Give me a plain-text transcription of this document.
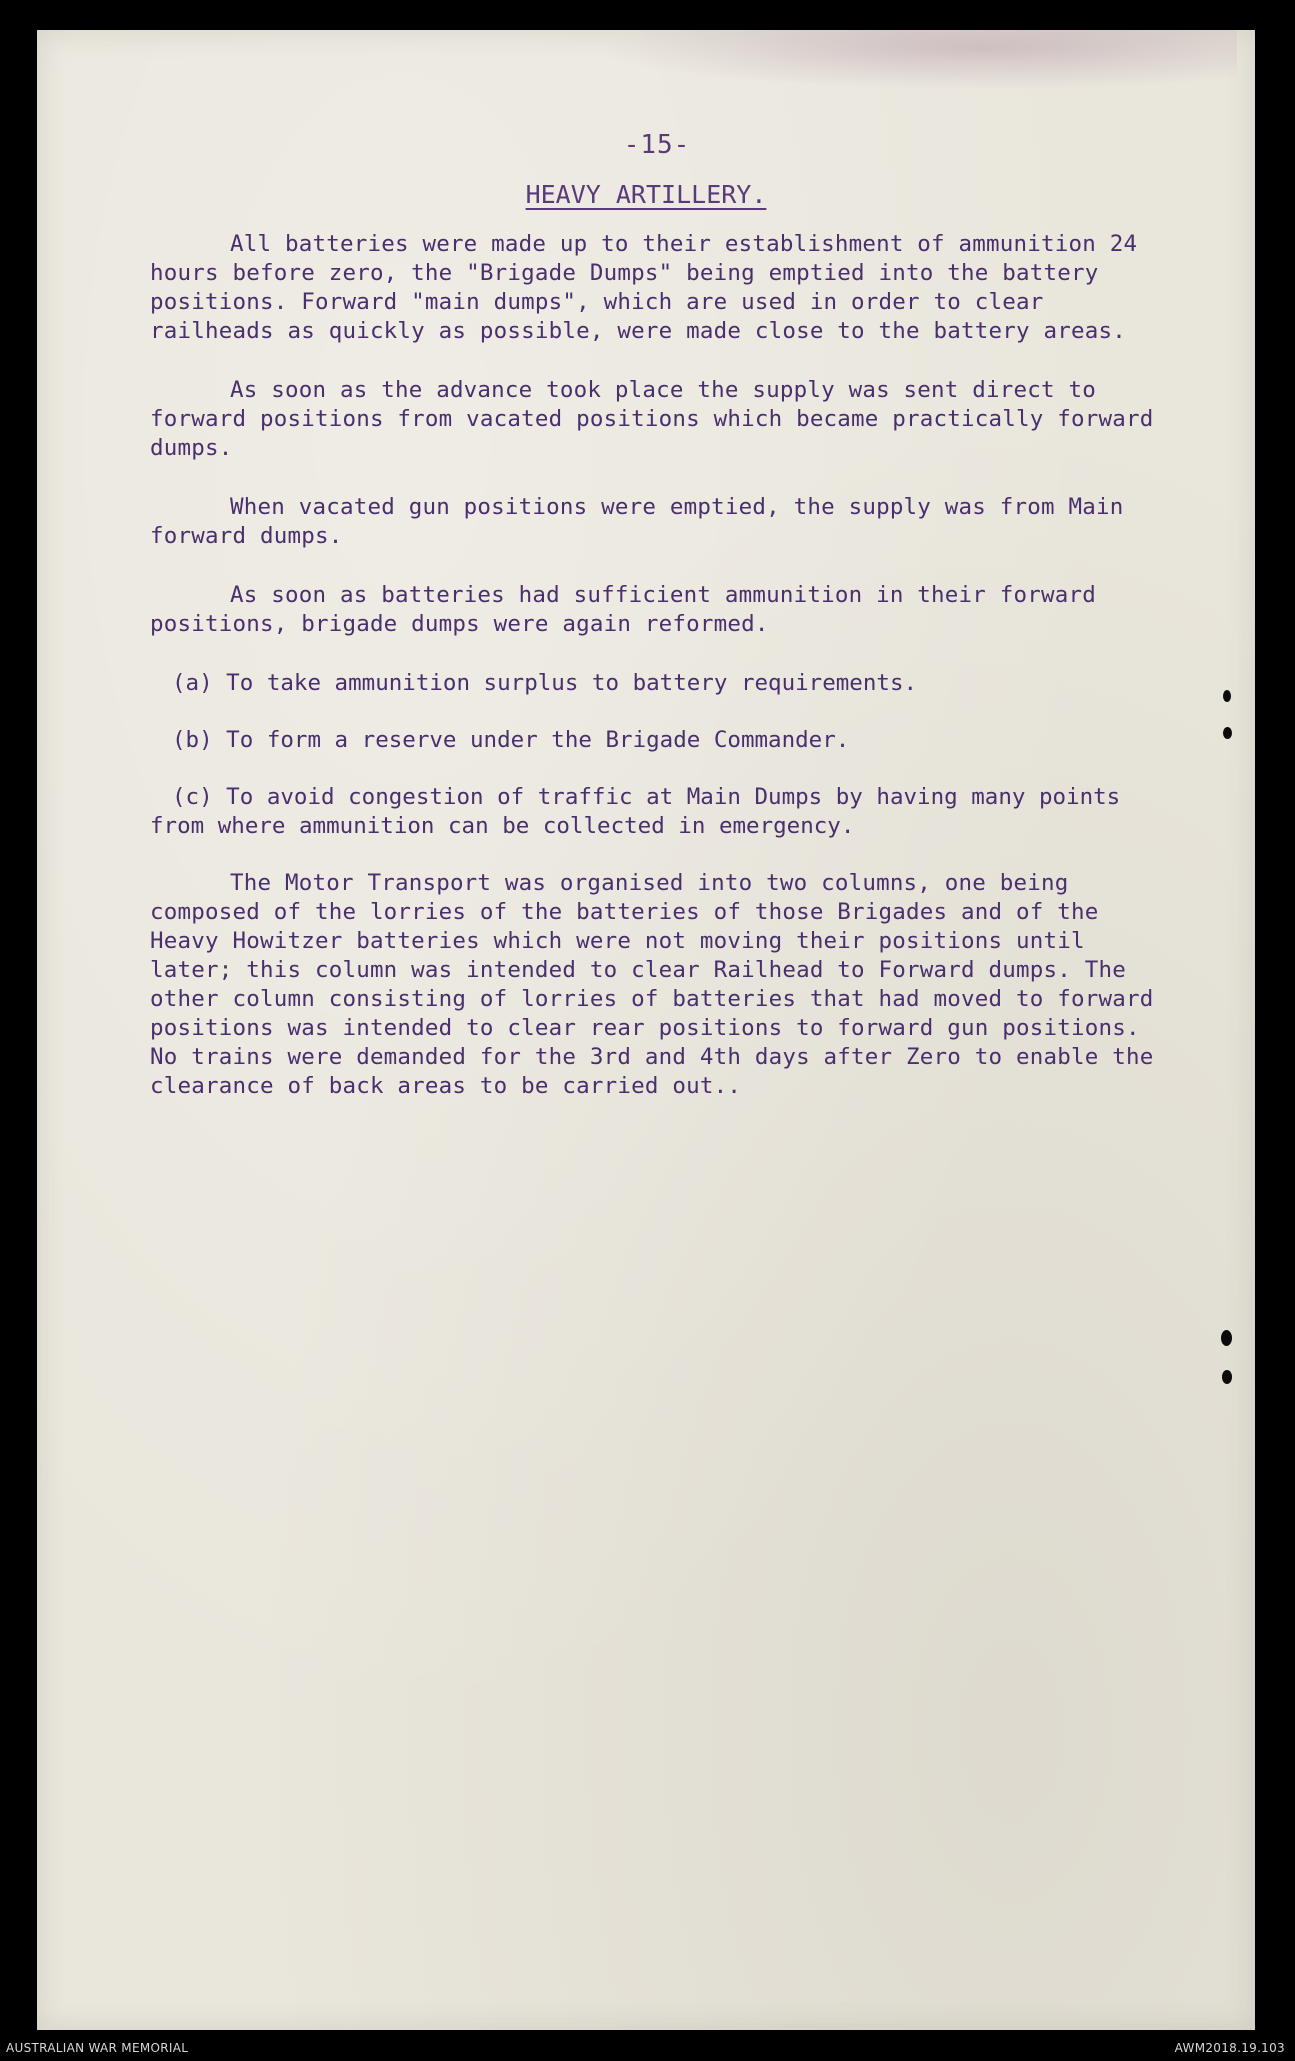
-15-
HEAVY ARTILLERY.

All batteries were made up to their establishment of ammunition 24 hours before zero, the "Brigade Dumps" being emptied into the battery positions. Forward "main dumps", which are used in order to clear railheads as quickly as possible, were made close to the battery areas.

As soon as the advance took place the supply was sent direct to forward positions from vacated positions which became practically forward dumps.

When vacated gun positions were emptied, the supply was from Main forward dumps.

As soon as batteries had sufficient ammunition in their forward positions, brigade dumps were again reformed.

(a) To take ammunition surplus to battery requirements.

(b) To form a reserve under the Brigade Commander.

(c) To avoid congestion of traffic at Main Dumps by having many points from where ammunition can be collected in emergency.

The Motor Transport was organised into two columns, one being composed of the lorries of the batteries of those Brigades and of the Heavy Howitzer batteries which were not moving their positions until later; this column was intended to clear Railhead to Forward dumps. The other column consisting of lorries of batteries that had moved to forward positions was intended to clear rear positions to forward gun positions. No trains were demanded for the 3rd and 4th days after Zero to enable the clearance of back areas to be carried out..

AUSTRALIAN WAR MEMORIAL	AWM2018.19.103
